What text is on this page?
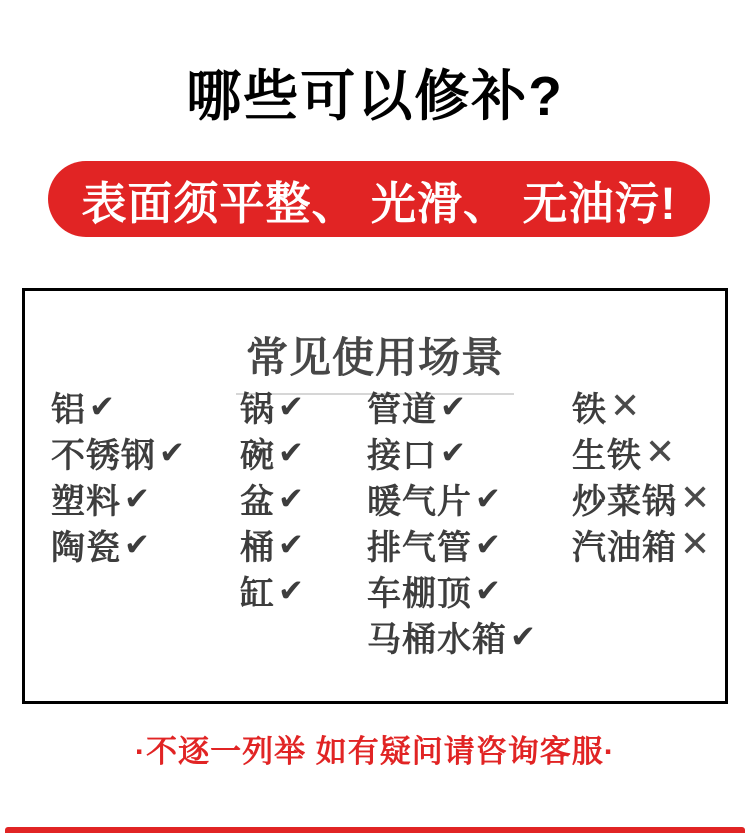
哪些可以修补?
表面须平整、 光滑、 无油污!
常见使用场景
铝 ✔
不锈钢 ✔
塑料 ✔
陶瓷 ✔
锅 ✔
碗 ✔
盆 ✔
桶 ✔
缸 ✔
管道 ✔
接口 ✔
暖气片 ✔
排气管 ✔
车棚顶 ✔
马桶水箱 ✔
铁 ✕
生铁 ✕
炒菜锅 ✕
汽油箱 ✕
·不逐一列举 如有疑问请咨询客服·
